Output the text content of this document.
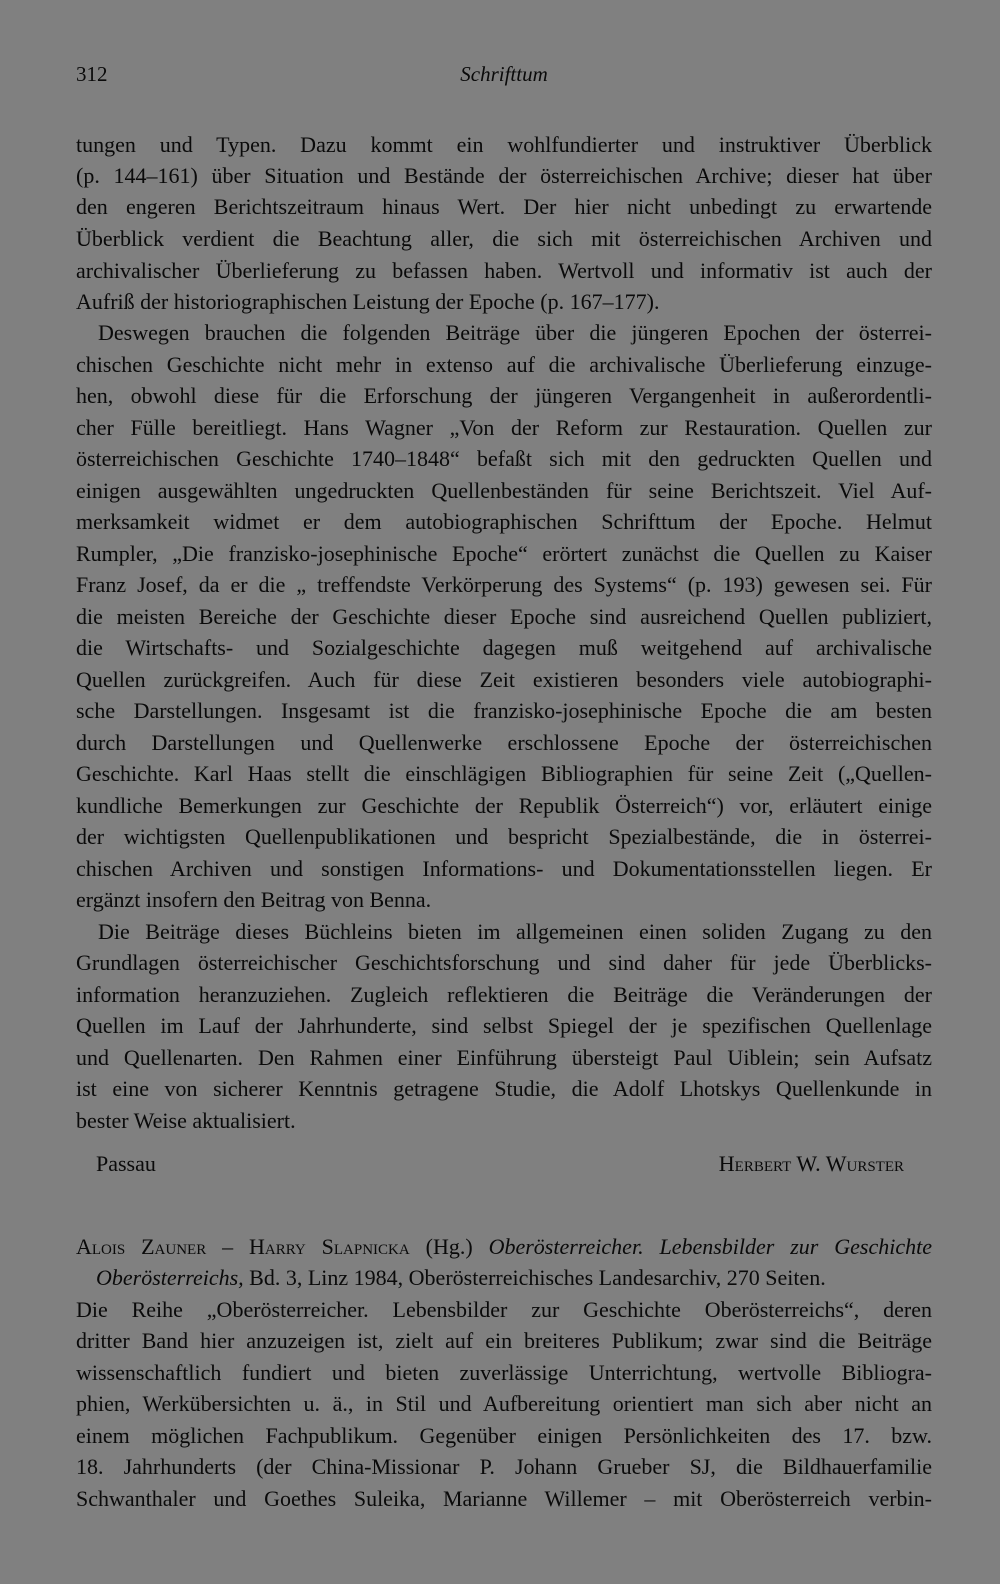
312	Schrifttum
tungen und Typen. Dazu kommt ein wohlfundierter und instruktiver Überblick
(p. 144–161) über Situation und Bestände der österreichischen Archive; dieser hat über
den engeren Berichtszeitraum hinaus Wert. Der hier nicht unbedingt zu erwartende
Überblick verdient die Beachtung aller, die sich mit österreichischen Archiven und
archivalischer Überlieferung zu befassen haben. Wertvoll und informativ ist auch der
Aufriß der historiographischen Leistung der Epoche (p. 167–177).
Deswegen brauchen die folgenden Beiträge über die jüngeren Epochen der österrei-
chischen Geschichte nicht mehr in extenso auf die archivalische Überlieferung einzuge-
hen, obwohl diese für die Erforschung der jüngeren Vergangenheit in außerordentli-
cher Fülle bereitliegt. Hans Wagner „Von der Reform zur Restauration. Quellen zur
österreichischen Geschichte 1740–1848“ befaßt sich mit den gedruckten Quellen und
einigen ausgewählten ungedruckten Quellenbeständen für seine Berichtszeit. Viel Auf-
merksamkeit widmet er dem autobiographischen Schrifttum der Epoche. Helmut
Rumpler, „Die franzisko-josephinische Epoche“ erörtert zunächst die Quellen zu Kaiser
Franz Josef, da er die „ treffendste Verkörperung des Systems“ (p. 193) gewesen sei. Für
die meisten Bereiche der Geschichte dieser Epoche sind ausreichend Quellen publiziert,
die Wirtschafts- und Sozialgeschichte dagegen muß weitgehend auf archivalische
Quellen zurückgreifen. Auch für diese Zeit existieren besonders viele autobiographi-
sche Darstellungen. Insgesamt ist die franzisko-josephinische Epoche die am besten
durch Darstellungen und Quellenwerke erschlossene Epoche der österreichischen
Geschichte. Karl Haas stellt die einschlägigen Bibliographien für seine Zeit („Quellen-
kundliche Bemerkungen zur Geschichte der Republik Österreich“) vor, erläutert einige
der wichtigsten Quellenpublikationen und bespricht Spezialbestände, die in österrei-
chischen Archiven und sonstigen Informations- und Dokumentationsstellen liegen. Er
ergänzt insofern den Beitrag von Benna.
Die Beiträge dieses Büchleins bieten im allgemeinen einen soliden Zugang zu den
Grundlagen österreichischer Geschichtsforschung und sind daher für jede Überblicks-
information heranzuziehen. Zugleich reflektieren die Beiträge die Veränderungen der
Quellen im Lauf der Jahrhunderte, sind selbst Spiegel der je spezifischen Quellenlage
und Quellenarten. Den Rahmen einer Einführung übersteigt Paul Uiblein; sein Aufsatz
ist eine von sicherer Kenntnis getragene Studie, die Adolf Lhotskys Quellenkunde in
bester Weise aktualisiert.
Passau	Herbert W. Wurster
Alois Zauner – Harry Slapnicka (Hg.) Oberösterreicher. Lebensbilder zur Geschichte
Oberösterreichs, Bd. 3, Linz 1984, Oberösterreichisches Landesarchiv, 270 Seiten.
Die Reihe „Oberösterreicher. Lebensbilder zur Geschichte Oberösterreichs“, deren
dritter Band hier anzuzeigen ist, zielt auf ein breiteres Publikum; zwar sind die Beiträge
wissenschaftlich fundiert und bieten zuverlässige Unterrichtung, wertvolle Bibliogra-
phien, Werkübersichten u. ä., in Stil und Aufbereitung orientiert man sich aber nicht an
einem möglichen Fachpublikum. Gegenüber einigen Persönlichkeiten des 17. bzw.
18. Jahrhunderts (der China-Missionar P. Johann Grueber SJ, die Bildhauerfamilie
Schwanthaler und Goethes Suleika, Marianne Willemer – mit Oberösterreich verbin-
